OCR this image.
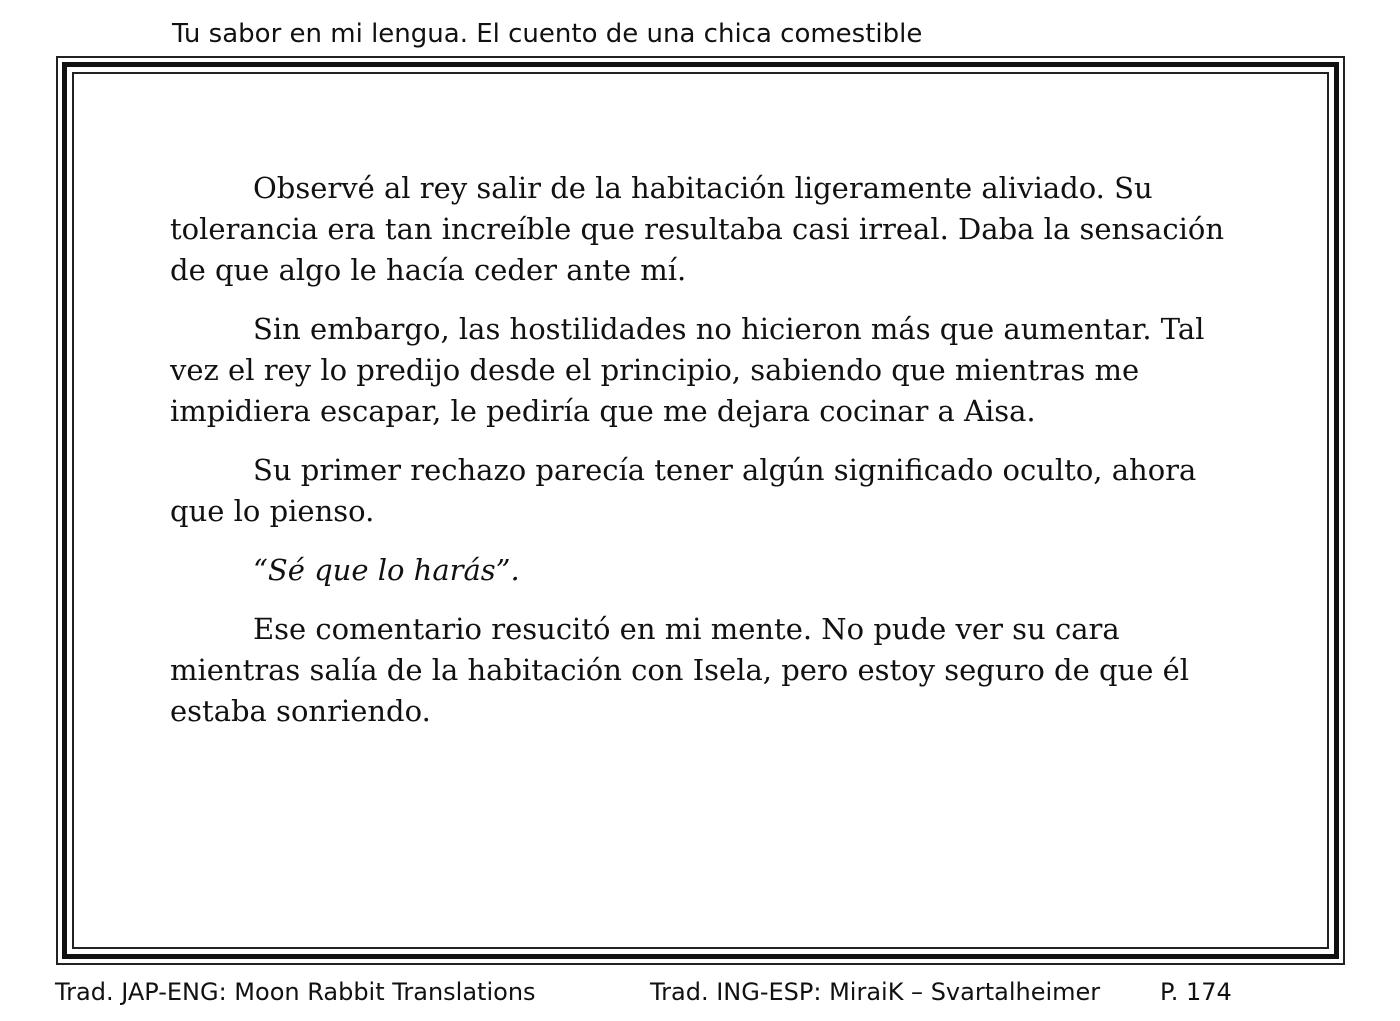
Tu sabor en mi lengua. El cuento de una chica comestible

Observé al rey salir de la habitación ligeramente aliviado. Su tolerancia era tan increíble que resultaba casi irreal. Daba la sensación de que algo le hacía ceder ante mí.

Sin embargo, las hostilidades no hicieron más que aumentar. Tal vez el rey lo predijo desde el principio, sabiendo que mientras me impidiera escapar, le pediría que me dejara cocinar a Aisa.

Su primer rechazo parecía tener algún significado oculto, ahora que lo pienso.

“Sé que lo harás”.

Ese comentario resucitó en mi mente. No pude ver su cara mientras salía de la habitación con Isela, pero estoy seguro de que él estaba sonriendo.

Trad. JAP-ENG: Moon Rabbit Translations	Trad. ING-ESP: MiraiK – Svartalheimer P. 174
